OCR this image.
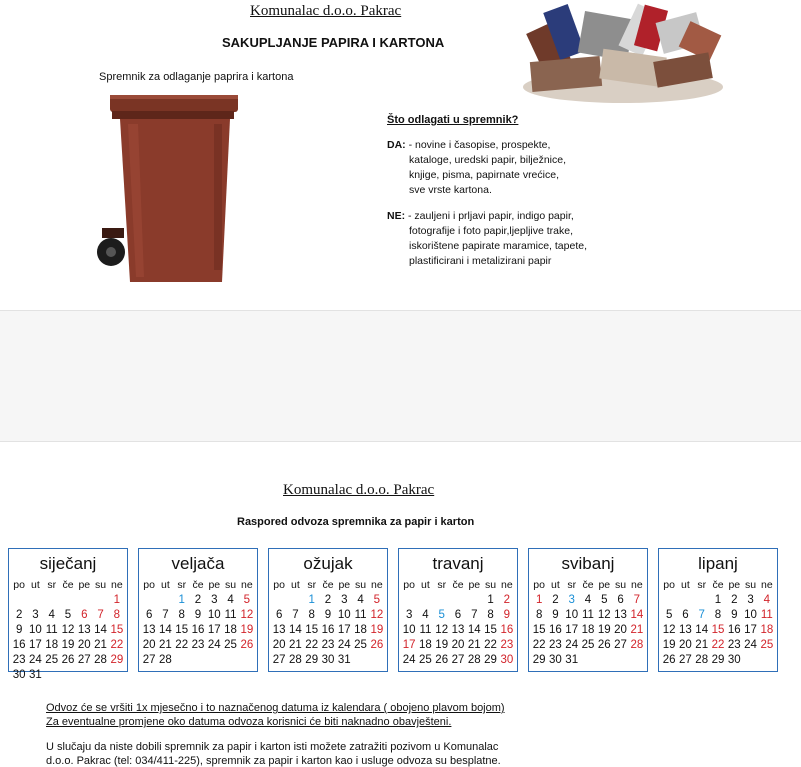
Komunalac d.o.o. Pakrac
SAKUPLJANJE PAPIRA I KARTONA
Spremnik za odlaganje paprira i kartona
Što odlagati u spremnik?
DA: - novine i časopise, prospekte,
kataloge, uredski papir, bilježnice,
knjige, pisma, papirnate vrećice,
sve vrste kartona.
NE: - zauljeni i prljavi papir, indigo papir,
fotografije i foto papir,ljepljive trake,
iskorištene papirate maramice, tapete,
plastificirani i metalizirani papir
Komunalac d.o.o. Pakrac
Raspored odvoza spremnika za papir i karton
siječanj
po ut sr če pe su ne
1
2 3 4 5 6 7 8
9 10 11 12 13 14 15
16 17 18 19 20 21 22
23 24 25 26 27 28 29
30 31
veljača
po ut sr če pe su ne
1 2 3 4 5
6 7 8 9 10 11 12
13 14 15 16 17 18 19
20 21 22 23 24 25 26
27 28
ožujak
po ut sr če pe su ne
1 2 3 4 5
6 7 8 9 10 11 12
13 14 15 16 17 18 19
20 21 22 23 24 25 26
27 28 29 30 31
travanj
po ut sr če pe su ne
1 2
3 4 5 6 7 8 9
10 11 12 13 14 15 16
17 18 19 20 21 22 23
24 25 26 27 28 29 30
svibanj
po ut sr če pe su ne
1 2 3 4 5 6 7
8 9 10 11 12 13 14
15 16 17 18 19 20 21
22 23 24 25 26 27 28
29 30 31
lipanj
po ut sr če pe su ne
1 2 3 4
5 6 7 8 9 10 11
12 13 14 15 16 17 18
19 20 21 22 23 24 25
26 27 28 29 30
Odvoz će se vršiti 1x mjesečno i to naznačenog datuma iz kalendara ( obojeno plavom bojom)
Za eventualne promjene oko datuma odvoza korisnici će biti naknadno obavješteni.
U slučaju da niste dobili spremnik za papir i karton isti možete zatražiti pozivom u Komunalac
d.o.o. Pakrac (tel: 034/411-225), spremnik za papir i karton kao i usluge odvoza su besplatne.
